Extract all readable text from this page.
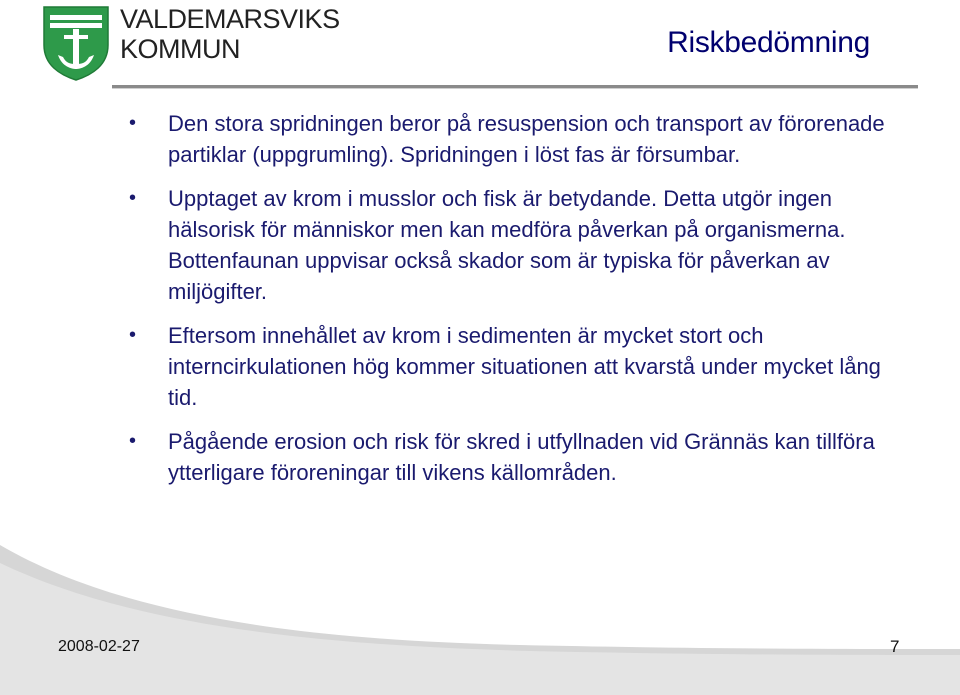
VALDEMARSVIKS
KOMMUN	Riskbedömning
• Den stora spridningen beror på resuspension och transport av förorenade partiklar (uppgrumling). Spridningen i löst fas är försumbar.
• Upptaget av krom i musslor och fisk är betydande. Detta utgör ingen hälsorisk för människor men kan medföra påverkan på organismerna. Bottenfaunan uppvisar också skador som är typiska för påverkan av miljögifter.
• Eftersom innehållet av krom i sedimenten är mycket stort och interncirkulationen hög kommer situationen att kvarstå under mycket lång tid.
• Pågående erosion och risk för skred i utfyllnaden vid Grännäs kan tillföra ytterligare föroreningar till vikens källområden.
2008-02-27	7
